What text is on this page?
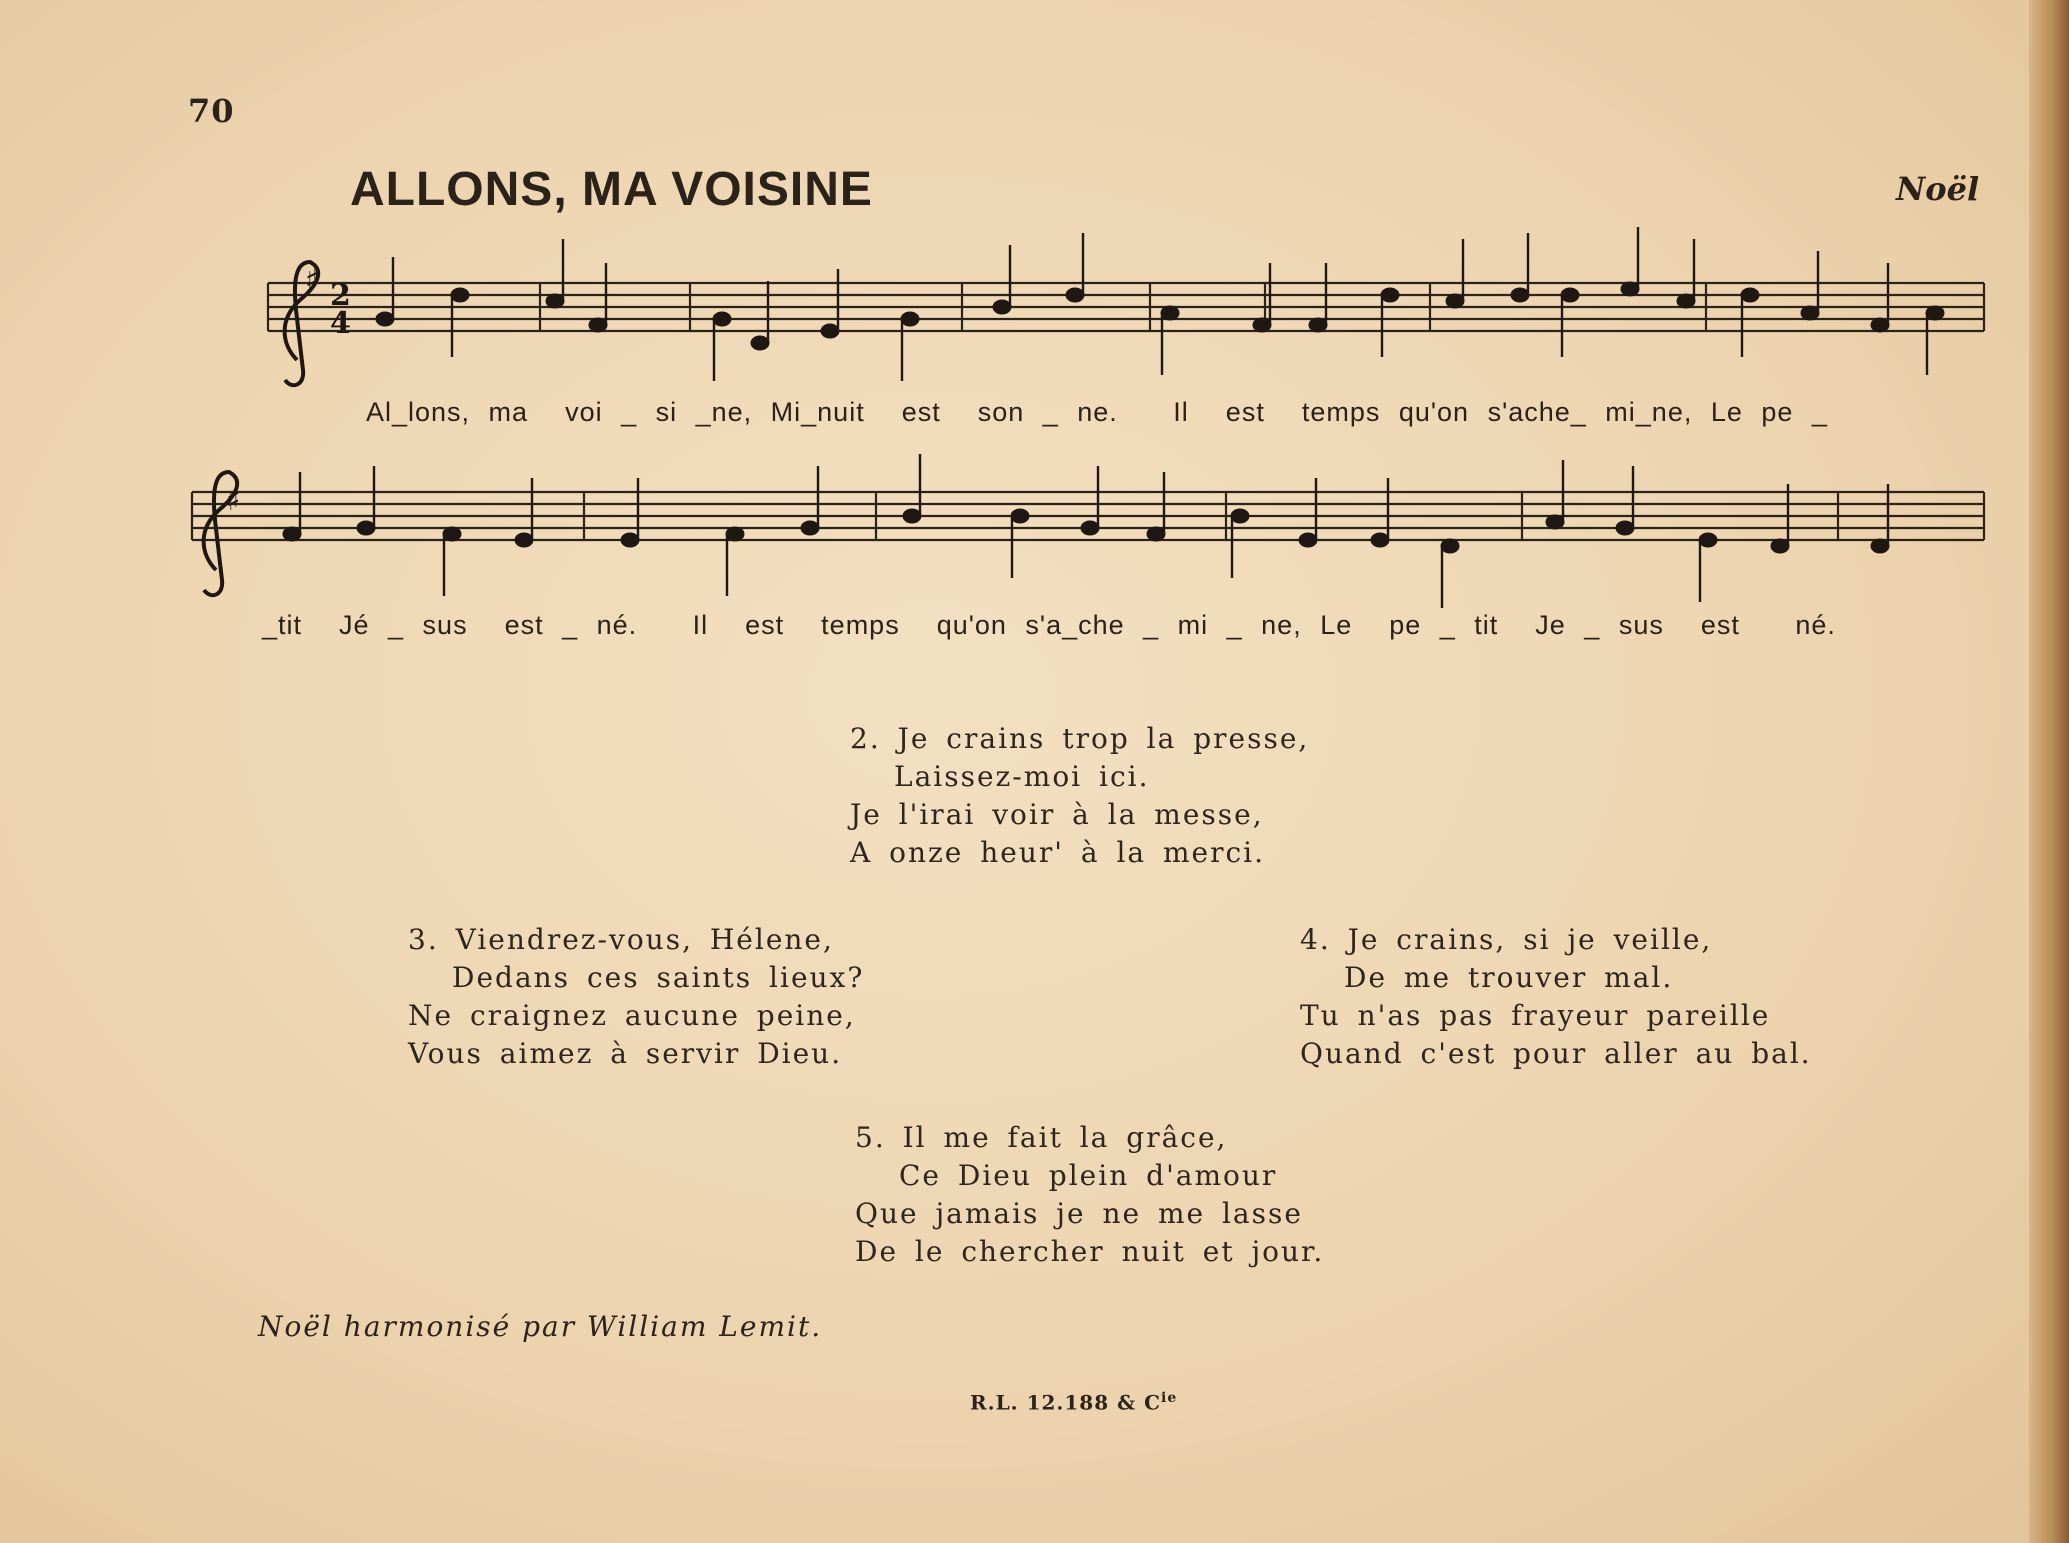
70
ALLONS, MA VOISINE	Noël
♯
♯
2
4
Al_lons, ma  voi _ si _ne, Mi_nuit  est  son _ ne.   Il  est  temps qu'on s'ache_ mi_ne, Le pe _
_tit  Jé _ sus  est _ né.   Il  est  temps  qu'on s'a_che _ mi _ ne, Le  pe _ tit  Je _ sus  est   né.
2. Je crains trop la presse,
Laissez-moi ici.
Je l'irai voir à la messe,
A onze heur' à la merci.
3. Viendrez-vous, Hélene,
Dedans ces saints lieux?
Ne craignez aucune peine,
Vous aimez à servir Dieu.
4. Je crains, si je veille,
De me trouver mal.
Tu n'as pas frayeur pareille
Quand c'est pour aller au bal.
5. Il me fait la grâce,
Ce Dieu plein d'amour
Que jamais je ne me lasse
De le chercher nuit et jour.
Noël harmonisé par William Lemit.
R.L. 12.188 & $C^{ie}$
